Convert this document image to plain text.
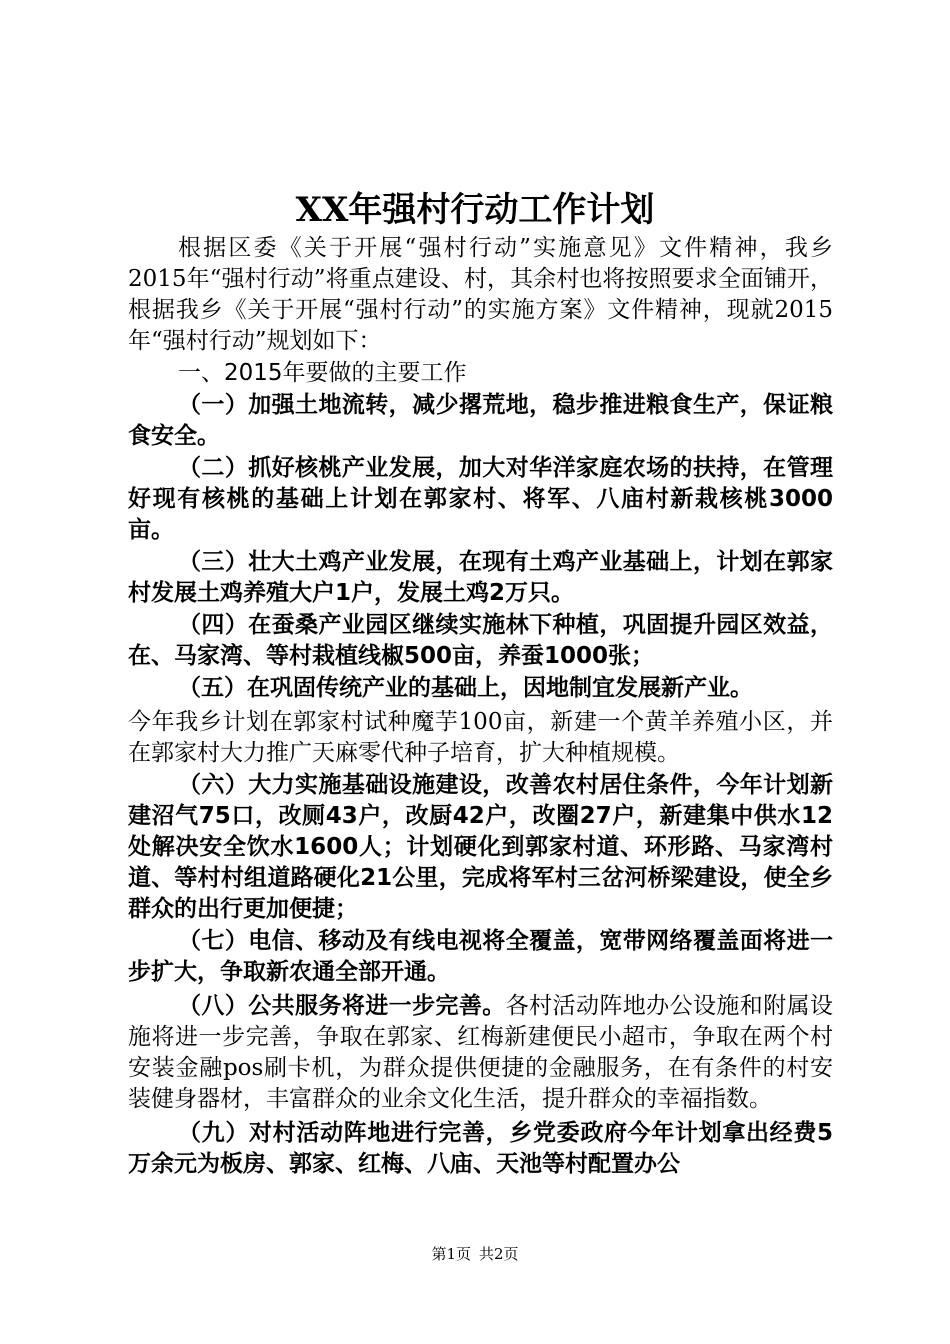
XX年强村行动工作计划

根据区委《关于开展“强村行动”实施意见》文件精神，我乡2015年“强村行动”将重点建设、村，其余村也将按照要求全面铺开，根据我乡《关于开展“强村行动”的实施方案》文件精神，现就2015年“强村行动”规划如下：

一、2015年要做的主要工作

（一）加强土地流转，减少撂荒地，稳步推进粮食生产，保证粮食安全。

（二）抓好核桃产业发展，加大对华洋家庭农场的扶持，在管理好现有核桃的基础上计划在郭家村、将军、八庙村新栽核桃3000亩。

（三）壮大土鸡产业发展，在现有土鸡产业基础上，计划在郭家村发展土鸡养殖大户1户，发展土鸡2万只。

（四）在蚕桑产业园区继续实施林下种植，巩固提升园区效益，在、马家湾、等村栽植线椒500亩，养蚕1000张；

（五）在巩固传统产业的基础上，因地制宜发展新产业。

今年我乡计划在郭家村试种魔芋100亩，新建一个黄羊养殖小区，并在郭家村大力推广天麻零代种子培育，扩大种植规模。

（六）大力实施基础设施建设，改善农村居住条件，今年计划新建沼气75口，改厕43户，改厨42户，改圈27户，新建集中供水12处解决安全饮水1600人；计划硬化到郭家村道、环形路、马家湾村道、等村村组道路硬化21公里，完成将军村三岔河桥梁建设，使全乡群众的出行更加便捷；

（七）电信、移动及有线电视将全覆盖，宽带网络覆盖面将进一步扩大，争取新农通全部开通。

（八）公共服务将进一步完善。各村活动阵地办公设施和附属设施将进一步完善，争取在郭家、红梅新建便民小超市，争取在两个村安装金融pos刷卡机，为群众提供便捷的金融服务，在有条件的村安装健身器材，丰富群众的业余文化生活，提升群众的幸福指数。

（九）对村活动阵地进行完善，乡党委政府今年计划拿出经费5万余元为板房、郭家、红梅、八庙、天池等村配置办公

第1页 共2页
